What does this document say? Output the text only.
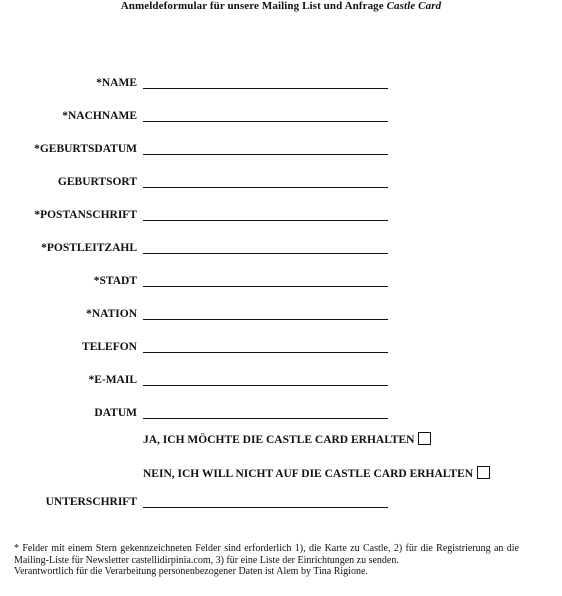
Anmeldeformular für unsere Mailing List und Anfrage Castle Card
*NAME
*NACHNAME
*GEBURTSDATUM
GEBURTSORT
*POSTANSCHRIFT
*POSTLEITZAHL
*STADT
*NATION
TELEFON
*E-MAIL
DATUM
JA, ICH MÖCHTE DIE CASTLE CARD ERHALTEN
NEIN, ICH WILL NICHT AUF DIE CASTLE CARD ERHALTEN
UNTERSCHRIFT

* Felder mit einem Stern gekennzeichneten Felder sind erforderlich 1), die Karte zu Castle, 2) für die Registrierung an die Mailing-Liste für Newsletter castellidirpinia.com, 3) für eine Liste der Einrichtungen zu senden.

Verantwortlich für die Verarbeitung personenbezogener Daten ist Alem by Tina Rigione.
